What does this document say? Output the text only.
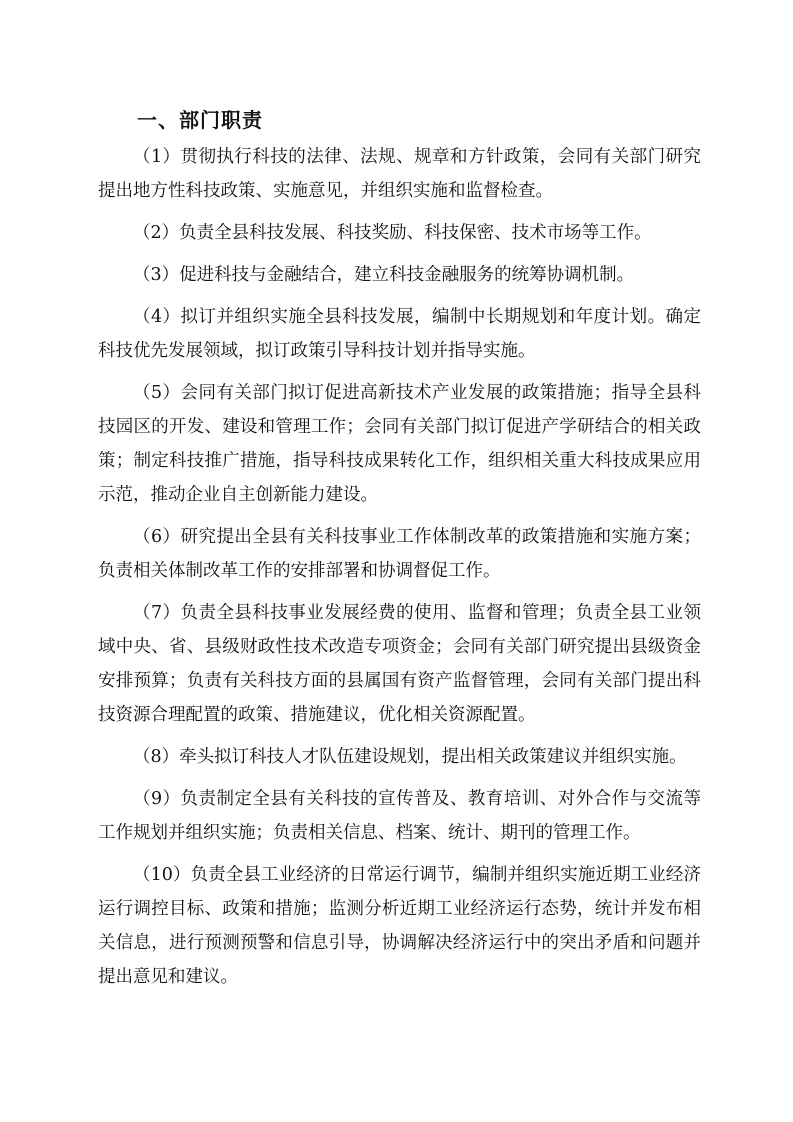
一、部门职责

（1）贯彻执行科技的法律、法规、规章和方针政策，会同有关部门研究提出地方性科技政策、实施意见，并组织实施和监督检查。

（2）负责全县科技发展、科技奖励、科技保密、技术市场等工作。

（3）促进科技与金融结合，建立科技金融服务的统筹协调机制。

（4）拟订并组织实施全县科技发展，编制中长期规划和年度计划。确定科技优先发展领域，拟订政策引导科技计划并指导实施。

（5）会同有关部门拟订促进高新技术产业发展的政策措施；指导全县科技园区的开发、建设和管理工作；会同有关部门拟订促进产学研结合的相关政策；制定科技推广措施，指导科技成果转化工作，组织相关重大科技成果应用示范，推动企业自主创新能力建设。

（6）研究提出全县有关科技事业工作体制改革的政策措施和实施方案；负责相关体制改革工作的安排部署和协调督促工作。

（7）负责全县科技事业发展经费的使用、监督和管理；负责全县工业领域中央、省、县级财政性技术改造专项资金；会同有关部门研究提出县级资金安排预算；负责有关科技方面的县属国有资产监督管理，会同有关部门提出科技资源合理配置的政策、措施建议，优化相关资源配置。

（8）牵头拟订科技人才队伍建设规划，提出相关政策建议并组织实施。

（9）负责制定全县有关科技的宣传普及、教育培训、对外合作与交流等工作规划并组织实施；负责相关信息、档案、统计、期刊的管理工作。

（10）负责全县工业经济的日常运行调节，编制并组织实施近期工业经济运行调控目标、政策和措施；监测分析近期工业经济运行态势，统计并发布相关信息，进行预测预警和信息引导，协调解决经济运行中的突出矛盾和问题并提出意见和建议。
